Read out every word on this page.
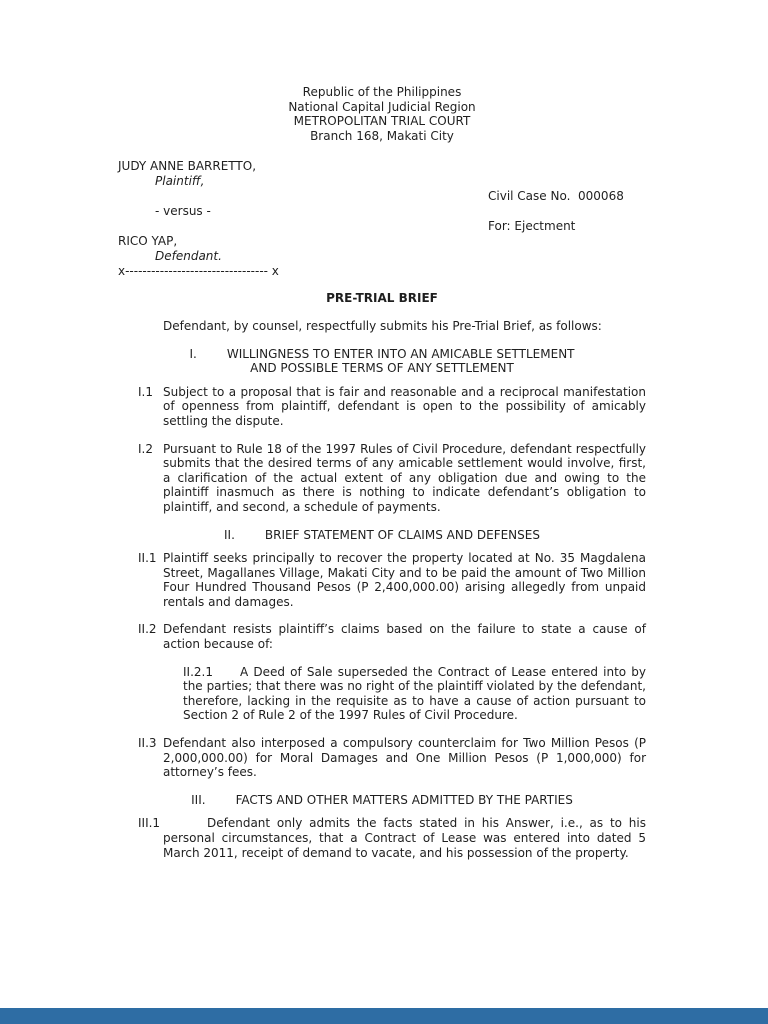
Republic of the Philippines
National Capital Judicial Region
METROPOLITAN TRIAL COURT
Branch 168, Makati City
JUDY ANNE BARRETTO,
Plaintiff,
Civil Case No.  000068
- versus -
For: Ejectment
RICO YAP,
Defendant.
x--------------------------------- x
PRE-TRIAL BRIEF
Defendant, by counsel, respectfully submits his Pre-Trial Brief, as follows:
I.	WILLINGNESS TO ENTER INTO AN AMICABLE SETTLEMENT
AND POSSIBLE TERMS OF ANY SETTLEMENT
I.1 Subject to a proposal that is fair and reasonable and a reciprocal manifestation of openness from plaintiff, defendant is open to the possibility of amicably settling the dispute.
I.2 Pursuant to Rule 18 of the 1997 Rules of Civil Procedure, defendant respectfully submits that the desired terms of any amicable settlement would involve, first, a clarification of the actual extent of any obligation due and owing to the plaintiff inasmuch as there is nothing to indicate defendant’s obligation to plaintiff, and second, a schedule of payments.
II.	BRIEF STATEMENT OF CLAIMS AND DEFENSES
II.1 Plaintiff seeks principally to recover the property located at No. 35 Magdalena Street, Magallanes Village, Makati City and to be paid the amount of Two Million Four Hundred Thousand Pesos (P 2,400,000.00) arising allegedly from unpaid rentals and damages.
II.2 Defendant resists plaintiff’s claims based on the failure to state a cause of action because of:
II.2.1 A Deed of Sale superseded the Contract of Lease entered into by the parties; that there was no right of the plaintiff violated by the defendant, therefore, lacking in the requisite as to have a cause of action pursuant to Section 2 of Rule 2 of the 1997 Rules of Civil Procedure.
II.3 Defendant also interposed a compulsory counterclaim for Two Million Pesos (P 2,000,000.00) for Moral Damages and One Million Pesos (P 1,000,000) for attorney’s fees.
III.	FACTS AND OTHER MATTERS ADMITTED BY THE PARTIES
III.1	Defendant only admits the facts stated in his Answer, i.e., as to his personal circumstances, that a Contract of Lease was entered into dated 5 March 2011, receipt of demand to vacate, and his possession of the property.
